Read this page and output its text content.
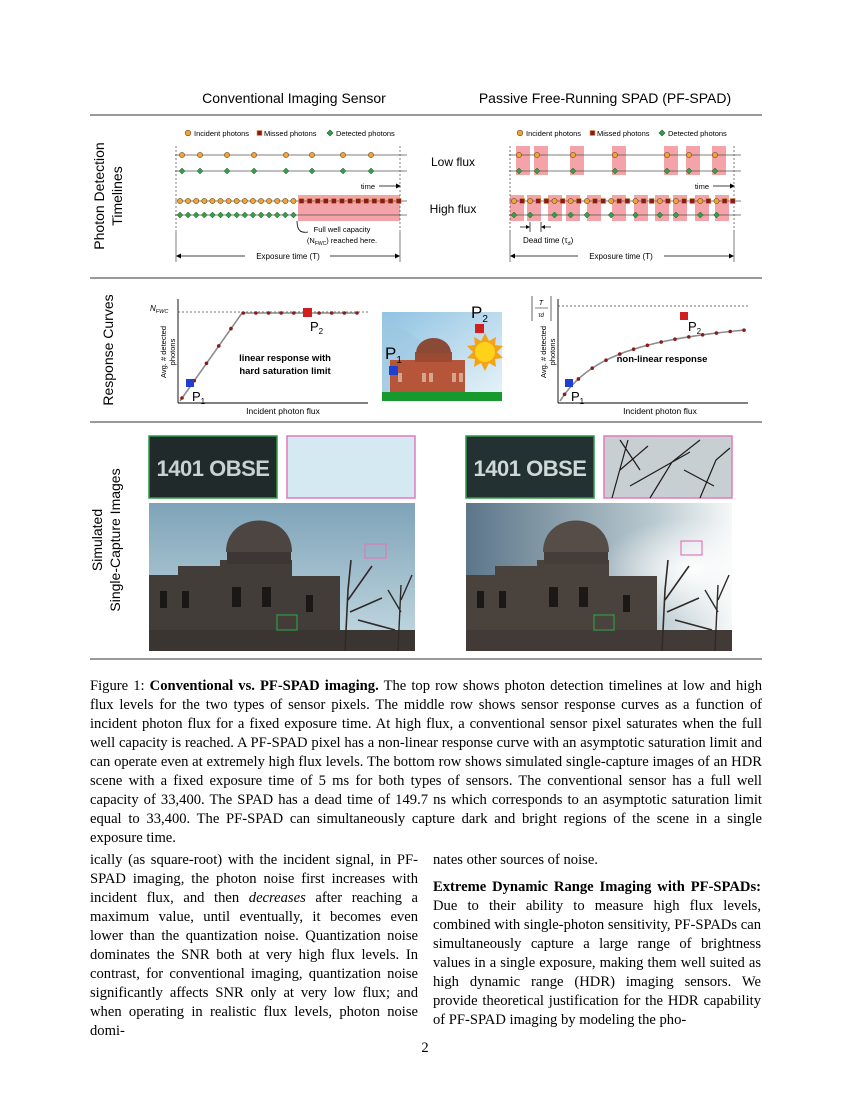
Conventional Imaging Sensor	Passive Free-Running SPAD (PF-SPAD)
Photon Detection Timelines
Response Curves
Simulated Single-Capture Images
Incident photons Missed photons	Detected photons	Incident photons Missed photons Detected photons
Low flux
High flux
time	time
Full well capacity
$(N_{FWC})$ reached here.
Exposure time (T)
Dead time $(\tau_d)$
Exposure time (T)
$N_{FWC}$
$P_1$
$P_2$
linear response with
hard saturation limit
Incident photon flux
Avg. # detected photons	$P_1$
$P_2$
T
τd
$P_1$
$P_2$
non-linear response
Incident photon flux
Avg. # detected photons
1401 OBSE	1401 OBSE
Figure 1: Conventional vs. PF-SPAD imaging. The top row shows photon detection timelines at low and high flux levels for the two types of sensor pixels. The middle row shows sensor response curves as a function of incident photon flux for a fixed exposure time. At high flux, a conventional sensor pixel saturates when the full well capacity is reached. A PF-SPAD pixel has a non-linear response curve with an asymptotic saturation limit and can operate even at extremely high flux levels. The bottom row shows simulated single-capture images of an HDR scene with a fixed exposure time of 5 ms for both types of sensors. The conventional sensor has a full well capacity of 33,400. The SPAD has a dead time of 149.7 ns which corresponds to an asymptotic saturation limit equal to 33,400. The PF-SPAD can simultaneously capture dark and bright regions of the scene in a single exposure time.

ically (as square-root) with the incident signal, in PF-SPAD imaging, the photon noise first increases with incident flux, and then decreases after reaching a maximum value, until eventually, it becomes even lower than the quantization noise. Quantization noise dominates the SNR both at very high flux levels. In contrast, for conventional imaging, quantization noise significantly affects SNR only at very low flux; and when operating in realistic flux levels, photon noise domi-

nates other sources of noise.

Extreme Dynamic Range Imaging with PF-SPADs: Due to their ability to measure high flux levels, combined with single-photon sensitivity, PF-SPADs can simultaneously capture a large range of brightness values in a single exposure, making them well suited as high dynamic range (HDR) imaging sensors. We provide theoretical justification for the HDR capability of PF-SPAD imaging by modeling the pho-

2
